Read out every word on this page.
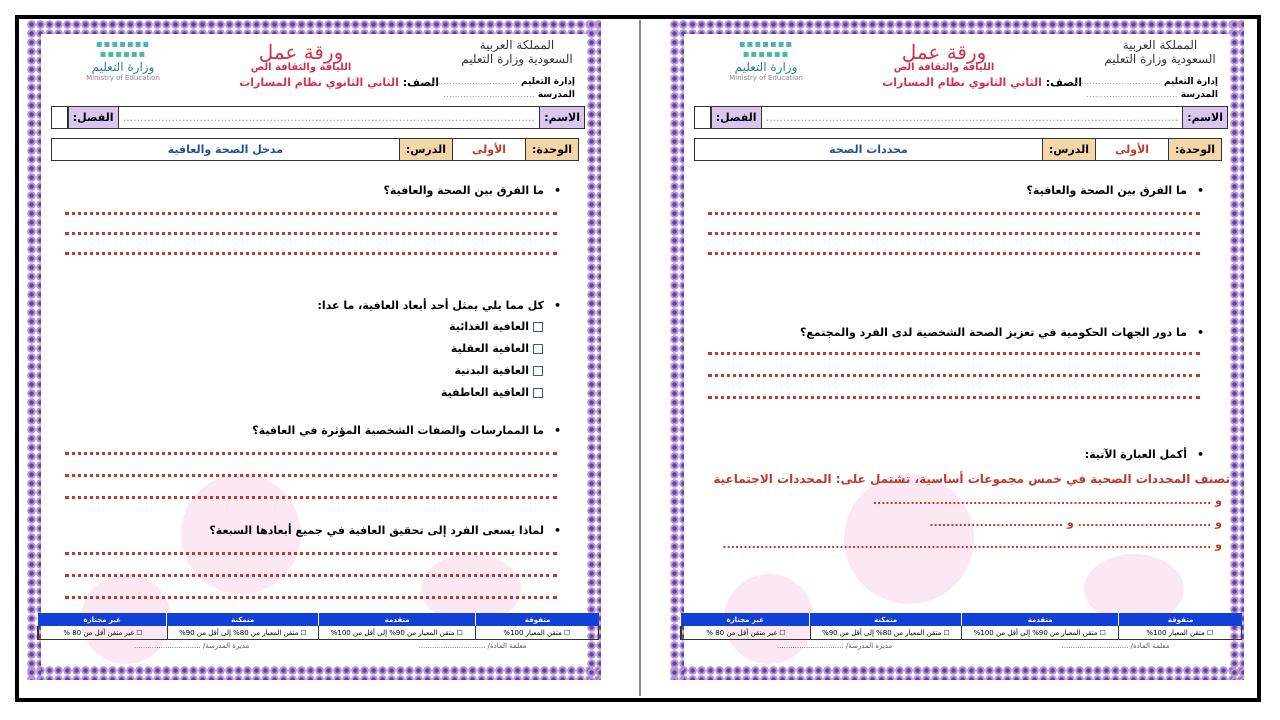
▪▪▪▪▪▪▪
▪▪▪▪▪▪
وزارة التعليم
Ministry of Education
ورقة عمل
اللياقة والثقافة الص
المملكة العربية السعودية وزارة التعليم
الصف: الثاني الثانوي نظام المسارات	إدارة التعليم ................................
المدرسة ................................
الاسم:
......................................................................................................................
الفصل:
الوحدة:
الأولى
الدرس:
مدخل الصحة والعافية
• ما الفرق بين الصحة والعافية؟
• كل مما يلي يمثل أحد أبعاد العافية، ما عدا:
العافية الغذائية
العافية العقلية
العافية البدنية
العافية العاطفية
• ما الممارسات والصفات الشخصية المؤثرة في العافية؟
• لماذا يسعى الفرد إلى تحقيق العافية في جميع أبعادها السبعة؟
متفوقة
متقدمة
متمكنة
غير مجتازة
☐ متقن المعيار 100%
☐ متقن المعيار من 90% إلى أقل من 100%
☐ متقن المعيار من 80% إلى أقل من 90%
☐ غير متقن أقل من 80 %
معلمة المادة/ ..............................
مديرة المدرسة/ ..............................
▪▪▪▪▪▪▪
▪▪▪▪▪▪
وزارة التعليم
Ministry of Education
ورقة عمل
اللياقة والثقافة الص
المملكة العربية السعودية وزارة التعليم
الصف: الثاني الثانوي نظام المسارات	إدارة التعليم ................................
المدرسة ................................
الاسم:
......................................................................................................................
الفصل:
الوحدة:
الأولى
الدرس:
محددات الصحة
• ما الفرق بين الصحة والعافية؟
• ما دور الجهات الحكومية في تعزيز الصحة الشخصية لدى الفرد والمجتمع؟
• أكمل العبارة الآتية:
تصنف المحددات الصحية في خمس مجموعات أساسية، تشتمل على: المحددات الاجتماعية
و .................................................................................
و ................................ و ................................
و .....................................................................................................................
متفوقة
متقدمة
متمكنة
غير مجتازة
☐ متقن المعيار 100%
☐ متقن المعيار من 90% إلى أقل من 100%
☐ متقن المعيار من 80% إلى أقل من 90%
☐ غير متقن أقل من 80 %
معلمة المادة/ ..............................
مديرة المدرسة/ ..............................
